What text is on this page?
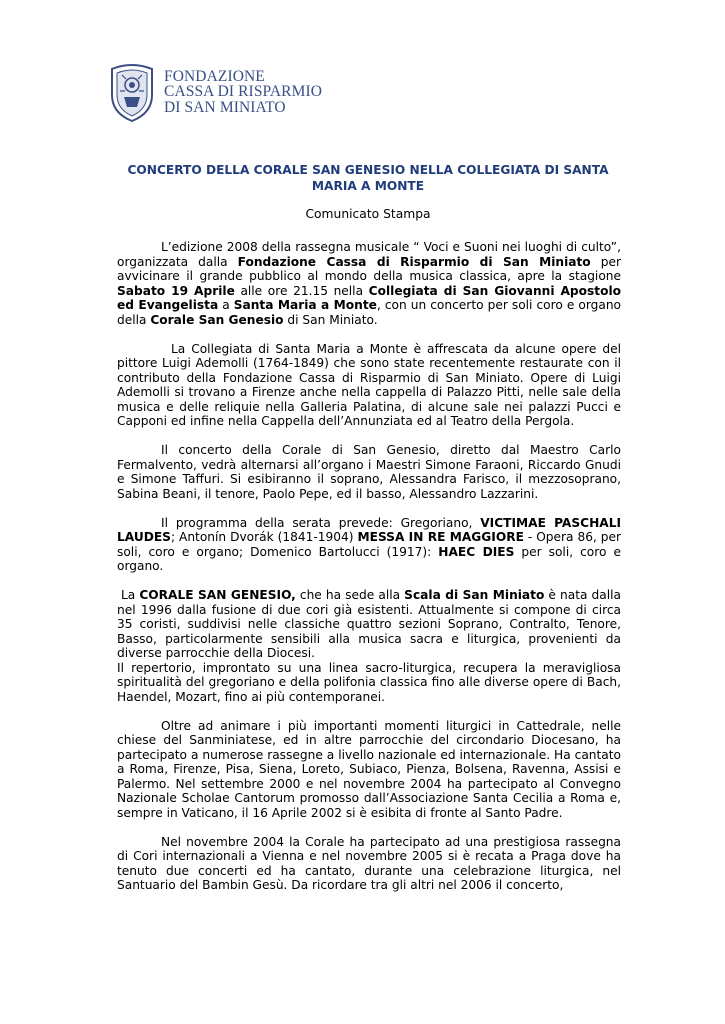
FONDAZIONE
CASSA DI RISPARMIO
DI SAN MINIATO
CONCERTO DELLA CORALE SAN GENESIO NELLA COLLEGIATA DI SANTA MARIA A MONTE
Comunicato Stampa

L’edizione 2008 della rassegna musicale “ Voci e Suoni nei luoghi di culto”, organizzata dalla Fondazione Cassa di Risparmio di San Miniato per avvicinare il grande pubblico al mondo della musica classica, apre la stagione Sabato 19 Aprile alle ore 21.15 nella Collegiata di San Giovanni Apostolo ed Evangelista a Santa Maria a Monte, con un concerto per soli coro e organo della Corale San Genesio di San Miniato.

La Collegiata di Santa Maria a Monte è affrescata da alcune opere del pittore Luigi Ademolli (1764-1849) che sono state recentemente restaurate con il contributo della Fondazione Cassa di Risparmio di San Miniato. Opere di Luigi Ademolli si trovano a Firenze anche nella cappella di Palazzo Pitti, nelle sale della musica e delle reliquie nella Galleria Palatina, di alcune sale nei palazzi Pucci e Capponi ed infine nella Cappella dell’Annunziata ed al Teatro della Pergola.

Il concerto della Corale di San Genesio, diretto dal Maestro Carlo Fermalvento, vedrà alternarsi all’organo i Maestri Simone Faraoni, Riccardo Gnudi e Simone Taffuri. Si esibiranno il soprano, Alessandra Farisco, il mezzosoprano, Sabina Beani, il tenore, Paolo Pepe, ed il basso, Alessandro Lazzarini.

Il programma della serata prevede: Gregoriano, VICTIMAE PASCHALI LAUDES; Antonín Dvorák (1841-1904) MESSA IN RE MAGGIORE - Opera 86, per soli, coro e organo; Domenico Bartolucci (1917): HAEC DIES per soli, coro e organo.

La CORALE SAN GENESIO, che ha sede alla Scala di San Miniato è nata dalla nel 1996 dalla fusione di due cori già esistenti. Attualmente si compone di circa 35 coristi, suddivisi nelle classiche quattro sezioni Soprano, Contralto, Tenore, Basso, particolarmente sensibili alla musica sacra e liturgica, provenienti da diverse parrocchie della Diocesi.

Il repertorio, improntato su una linea sacro-liturgica, recupera la meravigliosa spiritualità del gregoriano e della polifonia classica fino alle diverse opere di Bach, Haendel, Mozart, fino ai più contemporanei.

Oltre ad animare i più importanti momenti liturgici in Cattedrale, nelle chiese del Sanminiatese, ed in altre parrocchie del circondario Diocesano, ha partecipato a numerose rassegne a livello nazionale ed internazionale. Ha cantato a Roma, Firenze, Pisa, Siena, Loreto, Subiaco, Pienza, Bolsena, Ravenna, Assisi e Palermo. Nel settembre 2000 e nel novembre 2004 ha partecipato al Convegno Nazionale Scholae Cantorum promosso dall’Associazione Santa Cecilia a Roma e, sempre in Vaticano, il 16 Aprile 2002 si è esibita di fronte al Santo Padre.

Nel novembre 2004 la Corale ha partecipato ad una prestigiosa rassegna di Cori internazionali a Vienna e nel novembre 2005 si è recata a Praga dove ha tenuto due concerti ed ha cantato, durante una celebrazione liturgica, nel Santuario del Bambin Gesù. Da ricordare tra gli altri nel 2006 il concerto,
